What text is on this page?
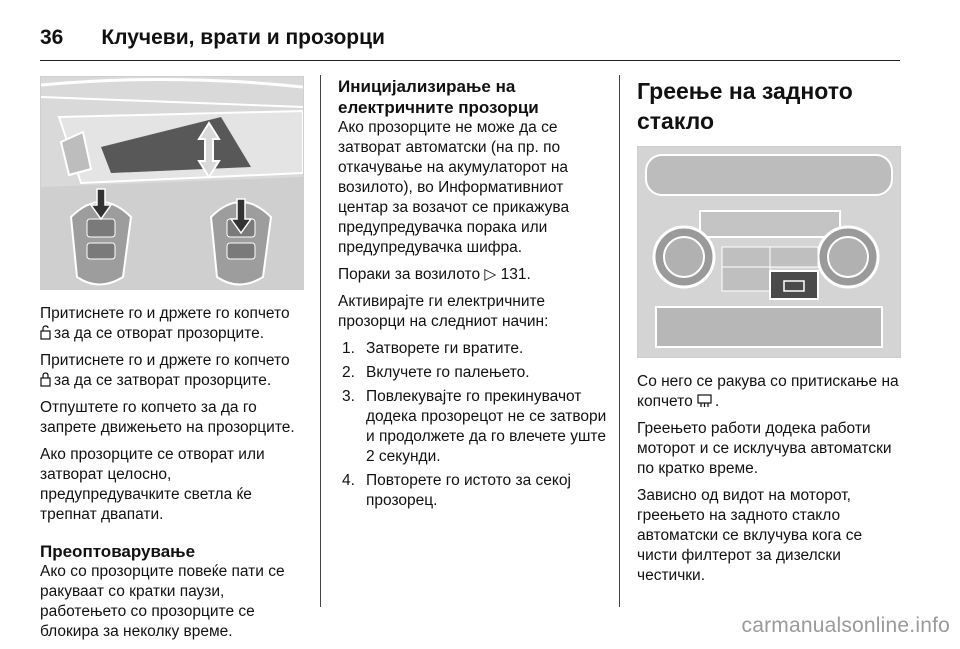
36 Клучеви, врати и прозорци

Притиснете го и држете го копчето за да се отворат прозорците.

Притиснете го и држете го копчето за да се затворат прозорците.

Отпуштете го копчето за да го запрете движењето на прозорците.

Ако прозорците се отворат или затворат целосно, предупредувачките светла ќе трепнат двапати.

Преоптоварување

Ако со прозорците повеќе пати се ракуваат со кратки паузи, работењето со прозорците се блокира за неколку време.

Иницијализирање на електричните прозорци

Ако прозорците не може да се затворат автоматски (на пр. по откачување на акумулаторот на возилото), во Информативниот центар за возачот се прикажува предупредувачка порака или предупредувачка шифра.

Пораки за возилото ▷ 131.

Активирајте ги електричните прозорци на следниот начин:

1. Затворете ги вратите.
2. Вклучете го палењето.
3. Повлекувајте го прекинувачот додека прозорецот не се затвори и продолжете да го влечете уште 2 секунди.
4. Повторете го истото за секој прозорец.
Греење на задното стакло

Со него се ракува со притискање на копчето .

Греењето работи додека работи моторот и се исклучува автоматски по кратко време.

Зависно од видот на моторот, греењето на задното стакло автоматски се вклучува кога се чисти филтерот за дизелски честички.

carmanualsonline.info
